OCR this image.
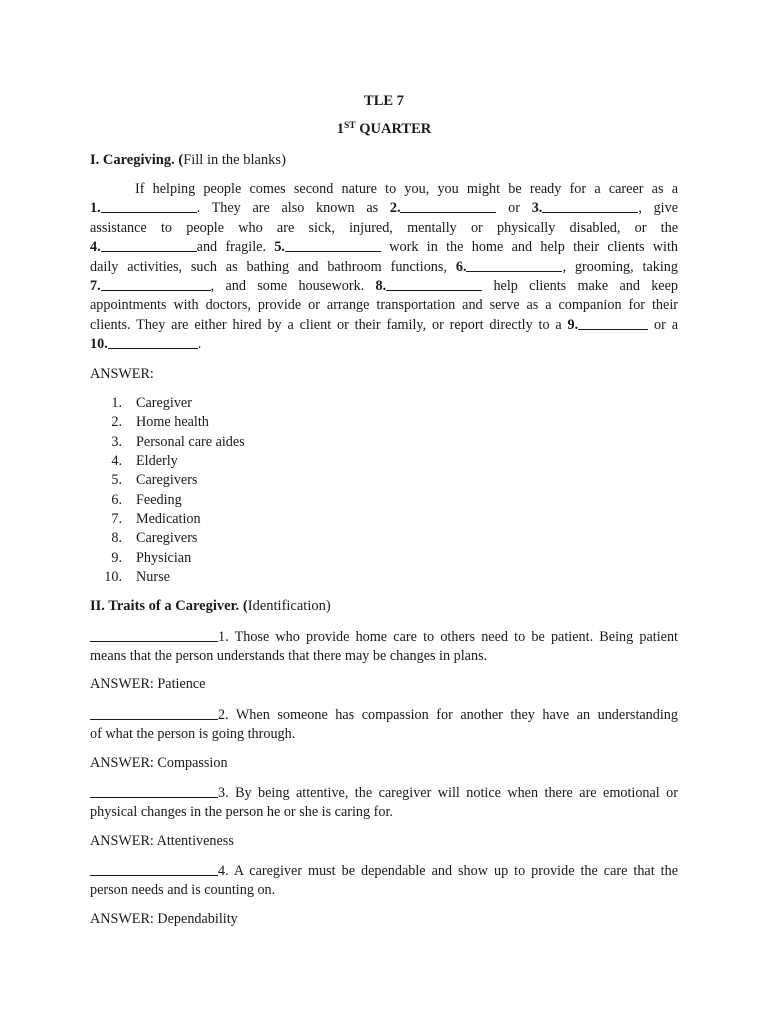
TLE 7
1ST QUARTER
I. Caregiving. (Fill in the blanks)
If helping people comes second nature to you, you might be ready for a career as a
1.	. They are also known as 2.	or 3.	, give
assistance to people who are sick, injured, mentally or physically disabled, or the
4.	and fragile. 5.	work in the home and help their clients with
daily activities, such as bathing and bathroom functions, 6.	, grooming, taking
7.	, and some housework. 8.	help clients make and keep
appointments with doctors, provide or arrange transportation and serve as a companion for their
clients. They are either hired by a client or their family, or report directly to a 9.	or a
10.	.
ANSWER:
1. Caregiver
2. Home health
3. Personal care aides
4. Elderly
5. Caregivers
6. Feeding
7. Medication
8. Caregivers
9. Physician
10. Nurse
II. Traits of a Caregiver. (Identification)
1. Those who provide home care to others need to be patient. Being patient
means that the person understands that there may be changes in plans.
ANSWER: Patience
2. When someone has compassion for another they have an understanding
of what the person is going through.
ANSWER: Compassion
3. By being attentive, the caregiver will notice when there are emotional or
physical changes in the person he or she is caring for.
ANSWER: Attentiveness
4. A caregiver must be dependable and show up to provide the care that the
person needs and is counting on.
ANSWER: Dependability
